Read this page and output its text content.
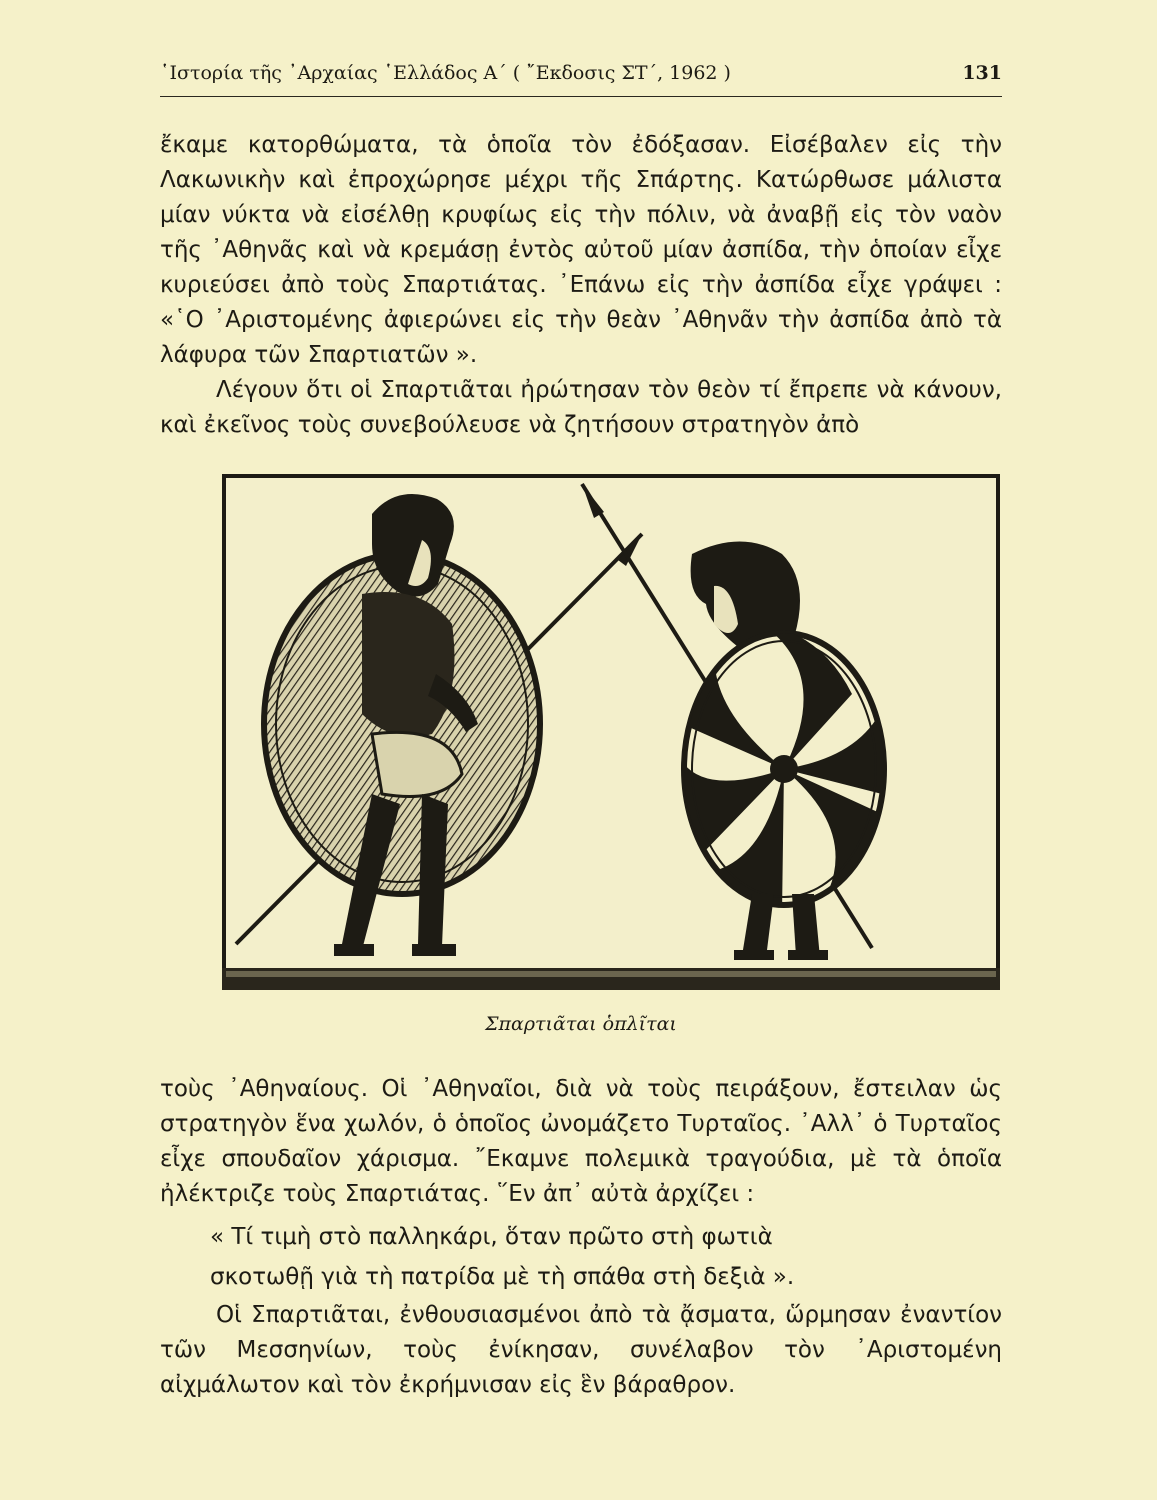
῾Ιστορία τῆς ᾿Αρχαίας ῾Ελλάδος Α΄ ( ῎Εκδοσις ΣΤ΄, 1962 )	131

ἔκαμε κατορθώματα, τὰ ὁποῖα τὸν ἐδόξασαν. Εἰσέβαλεν εἰς τὴν Λακωνικὴν καὶ ἐπροχώρησε μέχρι τῆς Σπάρτης. Κατώρθωσε μάλιστα μίαν νύκτα νὰ εἰσέλθῃ κρυφίως εἰς τὴν πόλιν, νὰ ἀναβῇ εἰς τὸν ναὸν τῆς ᾿Αθηνᾶς καὶ νὰ κρεμάσῃ ἐντὸς αὐτοῦ μίαν ἀσπίδα, τὴν ὁποίαν εἶχε κυριεύσει ἀπὸ τοὺς Σπαρτιάτας. ᾿Επάνω εἰς τὴν ἀσπίδα εἶχε γράψει : «῾Ο ᾿Αριστομένης ἀφιερώνει εἰς τὴν θεὰν ᾿Αθηνᾶν τὴν ἀσπίδα ἀπὸ τὰ λάφυρα τῶν Σπαρτιατῶν ».

Λέγουν ὅτι οἱ Σπαρτιᾶται ἠρώτησαν τὸν θεὸν τί ἔπρεπε νὰ κάνουν, καὶ ἐκεῖνος τοὺς συνεβούλευσε νὰ ζητήσουν στρατηγὸν ἀπὸ

Σπαρτιᾶται ὁπλῖται

τοὺς ᾿Αθηναίους. Οἱ ᾿Αθηναῖοι, διὰ νὰ τοὺς πειράξουν, ἔστειλαν ὡς στρατηγὸν ἕνα χωλόν, ὁ ὁποῖος ὠνομάζετο Τυρταῖος. ᾿Αλλ᾿ ὁ Τυρταῖος εἶχε σπουδαῖον χάρισμα. ῎Εκαμνε πολεμικὰ τραγούδια, μὲ τὰ ὁποῖα ἠλέκτριζε τοὺς Σπαρτιάτας. ῞Εν ἀπ᾿ αὐτὰ ἀρχίζει :

« Τί τιμὴ στὸ παλληκάρι, ὅταν πρῶτο στὴ φωτιὰ
σκοτωθῇ γιὰ τὴ πατρίδα μὲ τὴ σπάθα στὴ δεξιὰ ».

Οἱ Σπαρτιᾶται, ἐνθουσιασμένοι ἀπὸ τὰ ᾄσματα, ὥρμησαν ἐναντίον τῶν Μεσσηνίων, τοὺς ἐνίκησαν, συνέλαβον τὸν ᾿Αριστομένη αἰχμάλωτον καὶ τὸν ἐκρήμνισαν εἰς ἓν βάραθρον.
